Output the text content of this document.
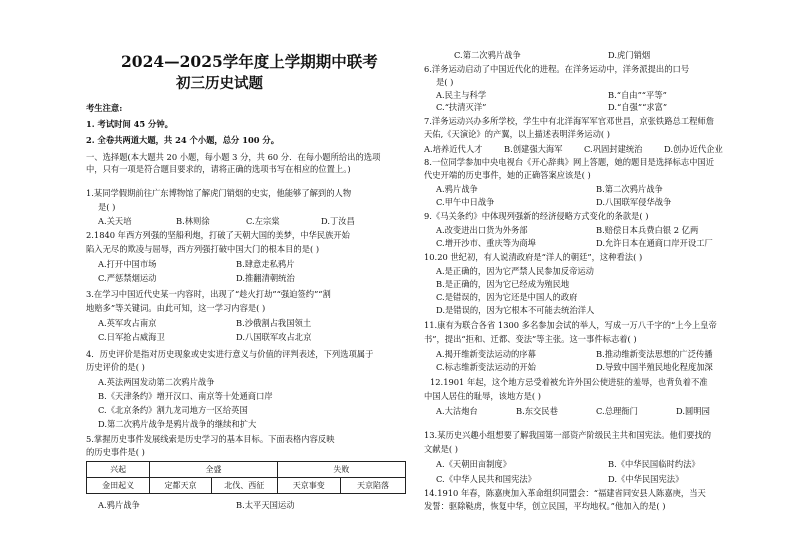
2024—2025学年度上学期期中联考
初三历史试题
考生注意:
1. 考试时间 45 分钟。
2. 全卷共两道大题，共 24 个小题，总分 100 分。
一、选择题(本大题共 20 小题，每小题 3 分，共 60 分．在每小题所给出的选项
中，只有一项是符合题目要求的，请将正确的选项书写在相应的位置上。)
1.某同学假期前往广东博物馆了解虎门销烟的史实，他能够了解到的人物
是( )
A.关天培	B.林则徐	C.左宗棠	D.丁汝昌
2.1840 年西方列强的坚船利炮，打破了天朝大国的美梦，中华民族开始
陷入无尽的欺凌与屈辱，西方列强打破中国大门的根本目的是( )
A.打开中国市场	B.肆意走私鸦片
C.严惩禁烟运动	D.推翻清朝统治
3.在学习中国近代史某一内容时，出现了“趁火打劫”“强迫签约”“割
地赔多”等关键词。由此可知，这一学习内容是( )
A.英军攻占南京	B.沙俄割占我国领土
C.日军抢占威海卫	D.八国联军攻占北京
4．历史评价是指对历史现象或史实进行意义与价值的评判表述，下列选项属于
历史评价的是( )
A.英法两国发动第二次鸦片战争
B.《天津条约》增开汉口、南京等十处通商口岸
C.《北京条约》割九龙司地方一区给英国
D.第二次鸦片战争是鸦片战争的继续和扩大
5.掌握历史事件发展线索是历史学习的基本目标。下面表格内容反映
的历史事件是( )
兴起	全盛		失败	
金田起义	定都天京	北伐、西征	天京事变	天京陷落
A.鸦片战争	B.太平天国运动
C.第二次鸦片战争	D.虎门销烟
6.洋务运动启动了中国近代化的进程。在洋务运动中，洋务派提出的口号
是( )
A.民主与科学	B.“自由”“平等”
C.“扶清灭洋”	D.“自强”“求富”
7.洋务运动兴办多所学校，学生中有北洋海军军官邓世昌，京张铁路总工程师詹
天佑,《天演论》的产翼，以上描述表明洋务运动( )
A.培养近代人才	B.创建强大海军	C.巩固封建统治	D.创办近代企业
8.一位同学参加中央电视台《开心辞典》网上答题，她的题目是选择标志中国近
代史开端的历史事件，她的正确答案应该是( )
A.鸦片战争	B.第二次鸦片战争
C.甲午中日战争	D.八国联军侵华战争
9.《马关条约》中体现列强新的经济侵略方式变化的条款是( )
A.改变进出口货为外务部	B.赔偿日本兵费白银 2 亿两
C.增开沙市、重庆等为商埠	D.允许日本在通商口岸开设工厂
10.20 世纪初，有人说清政府是“洋人的朝廷”，这种看法( )
A.是正确的，因为它严禁人民参加反帝运动
B.是正确的，因为它已经成为殖民地
C.是错误的，因为它还是中国人的政府
D.是错误的，因为它根本不可能去统治洋人
11.康有为联合各省 1300 多名参加会试的举人，写成一万八千字的“上今上皇帝
书”，提出“拒和、迁都、变法”等主张。这一事件标志着( )
A.揭开维新变法运动的序幕	B.推动维新变法思想的广泛传播
C.标志维新变法运动的开始	D.导致中国半殖民地化程度加深
12.1901 年起，这个地方忌受着被允许外国公使进驻的羞辱，也背负着不准
中国人居住的耻辱，该地方是( )
A.大沽炮台	B.东交民巷	C.总理衙门	D.圆明园
13.某历史兴趣小组想要了解我国第一部资产阶级民主共和国宪法。他们要找的
文献是( )
A.《天朝田亩制度》	B.《中华民国临时约法》
C.《中华人民共和国宪法》	D.《中华民国宪法》
14.1910 年春，陈嘉庚加入革命组织同盟会：“福建省同安县人陈嘉庚，当天
发誓：驱除鞑虏，恢复中华，创立民国，平均地权。”他加入的是( )
